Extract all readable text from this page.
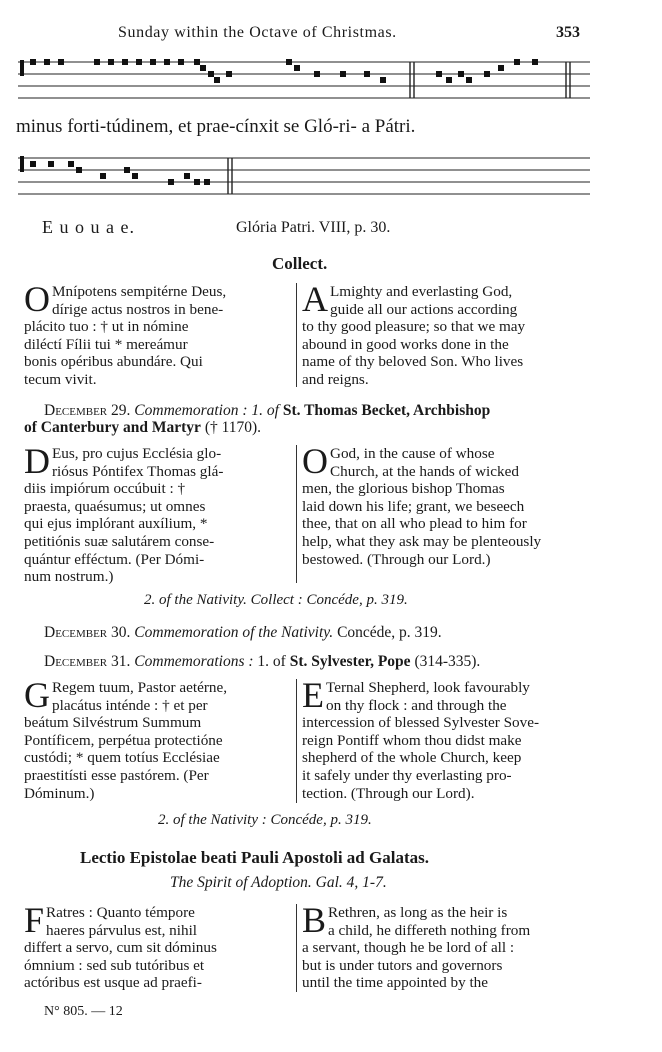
Sunday within the Octave of Christmas.	353
minus forti-túdinem, et prae-cínxit se Gló-ri- a Pátri.
E u o u a e.	Glória Patri. VIII, p. 30.
Collect.
O Mnípotens sempitérne Deus,
dírige actus nostros in bene-
plácito tuo : † ut in nómine
diléctí Fílii tui * mereámur
bonis opéribus abundáre. Qui
tecum vivit.
A Lmighty and everlasting God,
guide all our actions according
to thy good pleasure; so that we may
abound in good works done in the
name of thy beloved Son. Who lives
and reigns.
December 29. Commemoration : 1. of St. Thomas Becket, Archbishop
of Canterbury and Martyr († 1170).
D Eus, pro cujus Ecclésia glo-
riósus Póntifex Thomas glá-
diis impiórum occúbuit : †
praesta, quaésumus; ut omnes
qui ejus implórant auxílium, *
petitiónis suæ salutárem conse-
quántur efféctum. (Per Dómi-
num nostrum.)
O God, in the cause of whose
Church, at the hands of wicked
men, the glorious bishop Thomas
laid down his life; grant, we beseech
thee, that on all who plead to him for
help, what they ask may be plenteously
bestowed. (Through our Lord.)
2. of the Nativity. Collect : Concéde, p. 319.
December 30. Commemoration of the Nativity. Concéde, p. 319.
December 31. Commemorations : 1. of St. Sylvester, Pope (314-335).
G Regem tuum, Pastor aetérne,
placátus inténde : † et per
beátum Silvéstrum Summum
Pontíficem, perpétua protectióne
custódi; * quem totíus Ecclésiae
praestitísti esse pastórem. (Per
Dóminum.)
E Ternal Shepherd, look favourably
on thy flock : and through the
intercession of blessed Sylvester Sove-
reign Pontiff whom thou didst make
shepherd of the whole Church, keep
it safely under thy everlasting pro-
tection. (Through our Lord).
2. of the Nativity : Concéde, p. 319.
Lectio Epistolae beati Pauli Apostoli ad Galatas.
The Spirit of Adoption. Gal. 4, 1-7.
F Ratres : Quanto témpore
haeres párvulus est, nihil
differt a servo, cum sit dóminus
ómnium : sed sub tutóribus et
actóribus est usque ad praefi-
B Rethren, as long as the heir is
a child, he differeth nothing from
a servant, though he be lord of all :
but is under tutors and governors
until the time appointed by the
N° 805. — 12
